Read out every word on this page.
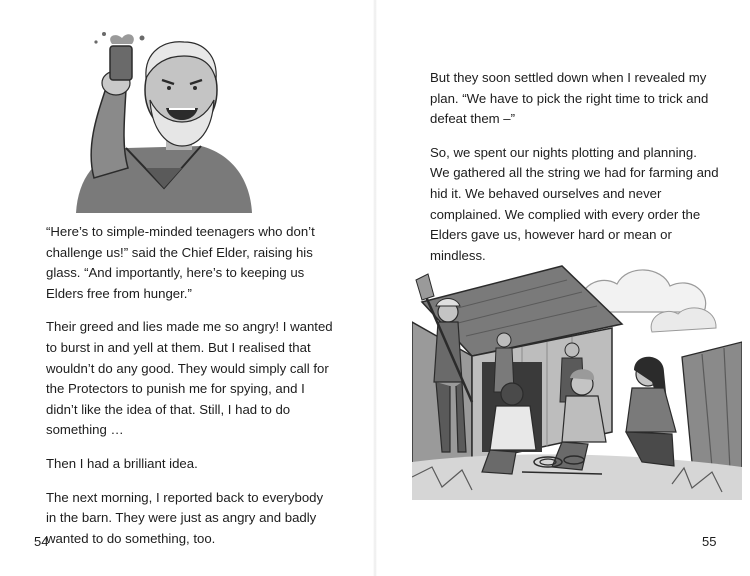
“Here’s to simple-minded teenagers who don’t challenge us!” said the Chief Elder, raising his glass. “And importantly, here’s to keeping us Elders free from hunger.”

Their greed and lies made me so angry! I wanted to burst in and yell at them. But I realised that wouldn’t do any good. They would simply call for the Protectors to punish me for spying, and I didn’t like the idea of that. Still, I had to do something …

Then I had a brilliant idea.

The next morning, I reported back to everybody in the barn. They were just as angry and badly wanted to do something, too.

54

But they soon settled down when I revealed my plan. “We have to pick the right time to trick and defeat them –”

So, we spent our nights plotting and planning. We gathered all the string we had for farming and hid it. We behaved ourselves and never complained. We complied with every order the Elders gave us, however hard or mean or mindless.

55
